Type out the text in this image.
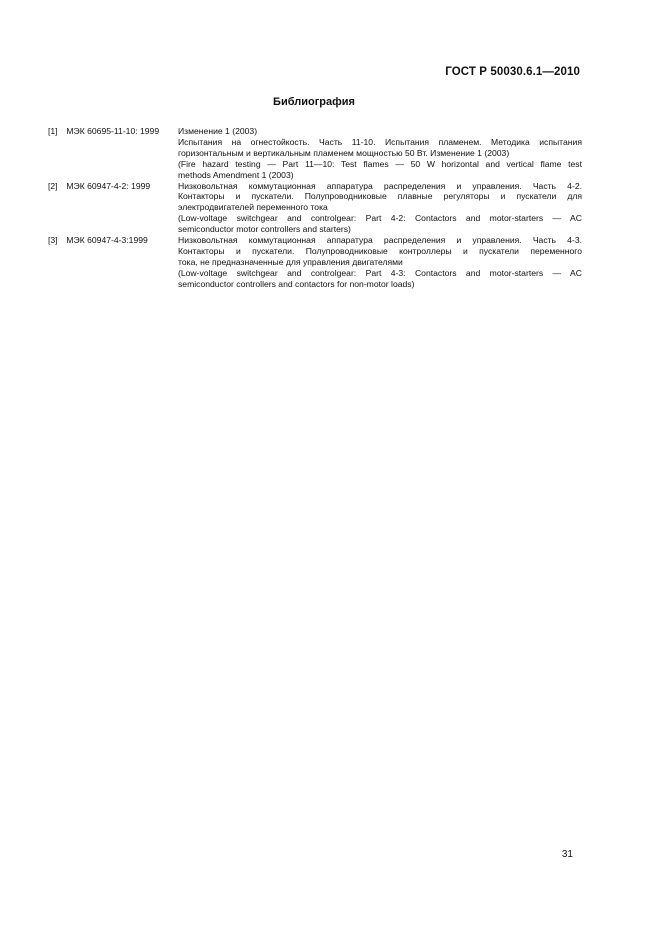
ГОСТ Р 50030.6.1—2010
Библиография
[1] МЭК 60695-11-10: 1999	Изменение 1 (2003)
Испытания на огнестойкость. Часть 11-10. Испытания пламенем. Методика испытания
горизонтальным и вертикальным пламенем мощностью 50 Вт. Изменение 1 (2003)
(Fire hazard testing — Part 11—10: Test flames — 50 W horizontal and vertical flame test
methods Amendment 1 (2003)
[2] МЭК 60947-4-2: 1999	Низковольтная коммутационная аппаратура распределения и управления. Часть 4-2.
Контакторы и пускатели. Полупроводниковые плавные регуляторы и пускатели для
электродвигателей переменного тока
(Low-voltage switchgear and controlgear: Part 4-2: Contactors and motor-starters — AC
semiconductor motor controllers and starters)
[3] МЭК 60947-4-3:1999	Низковольтная коммутационная аппаратура распределения и управления. Часть 4-3.
Контакторы и пускатели. Полупроводниковые контроллеры и пускатели переменного
тока, не предназначенные для управления двигателями
(Low-voltage switchgear and controlgear: Part 4-3: Contactors and motor-starters — AC
semiconductor controllers and contactors for non-motor loads)
31
